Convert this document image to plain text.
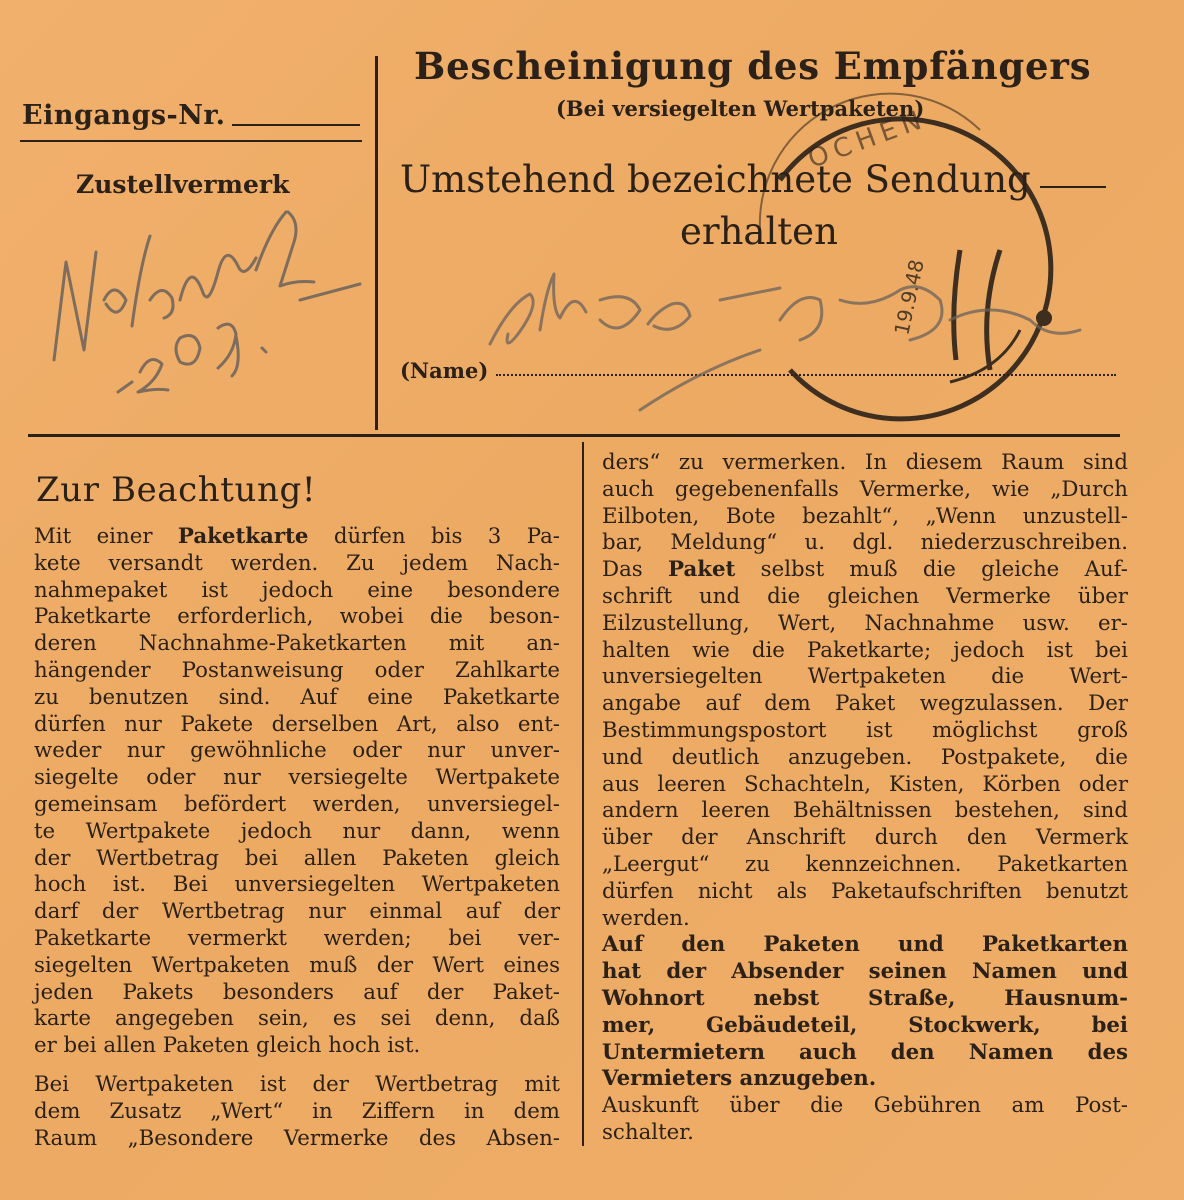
Eingangs-Nr.
Zustellvermerk
Bescheinigung des Empfängers
(Bei versiegelten Wertpaketen)
Umstehend bezeichnete Sendung
erhalten
(Name)
Zur Beachtung!
Mit einer Paketkarte dürfen bis 3 Pa-
kete versandt werden. Zu jedem Nach-
nahmepaket ist jedoch eine besondere
Paketkarte erforderlich, wobei die beson-
deren Nachnahme-Paketkarten mit an-
hängender Postanweisung oder Zahlkarte
zu benutzen sind. Auf eine Paketkarte
dürfen nur Pakete derselben Art, also ent-
weder nur gewöhnliche oder nur unver-
siegelte oder nur versiegelte Wertpakete
gemeinsam befördert werden, unversiegel-
te Wertpakete jedoch nur dann, wenn
der Wertbetrag bei allen Paketen gleich
hoch ist. Bei unversiegelten Wertpaketen
darf der Wertbetrag nur einmal auf der
Paketkarte vermerkt werden; bei ver-
siegelten Wertpaketen muß der Wert eines
jeden Pakets besonders auf der Paket-
karte angegeben sein, es sei denn, daß
er bei allen Paketen gleich hoch ist.
Bei Wertpaketen ist der Wertbetrag mit
dem Zusatz „Wert“ in Ziffern in dem
Raum „Besondere Vermerke des Absen-
ders“ zu vermerken. In diesem Raum sind
auch gegebenenfalls Vermerke, wie „Durch
Eilboten, Bote bezahlt“, „Wenn unzustell-
bar, Meldung“ u. dgl. niederzuschreiben.
Das Paket selbst muß die gleiche Auf-
schrift und die gleichen Vermerke über
Eilzustellung, Wert, Nachnahme usw. er-
halten wie die Paketkarte; jedoch ist bei
unversiegelten Wertpaketen die Wert-
angabe auf dem Paket wegzulassen. Der
Bestimmungspostort ist möglichst groß
und deutlich anzugeben. Postpakete, die
aus leeren Schachteln, Kisten, Körben oder
andern leeren Behältnissen bestehen, sind
über der Anschrift durch den Vermerk
„Leergut“ zu kennzeichnen. Paketkarten
dürfen nicht als Paketaufschriften benutzt
werden.
Auf den Paketen und Paketkarten
hat der Absender seinen Namen und
Wohnort nebst Straße, Hausnum-
mer, Gebäudeteil, Stockwerk, bei
Untermietern auch den Namen des
Vermieters anzugeben.
Auskunft über die Gebühren am Post-
schalter.
OCHEN
19.9.48
